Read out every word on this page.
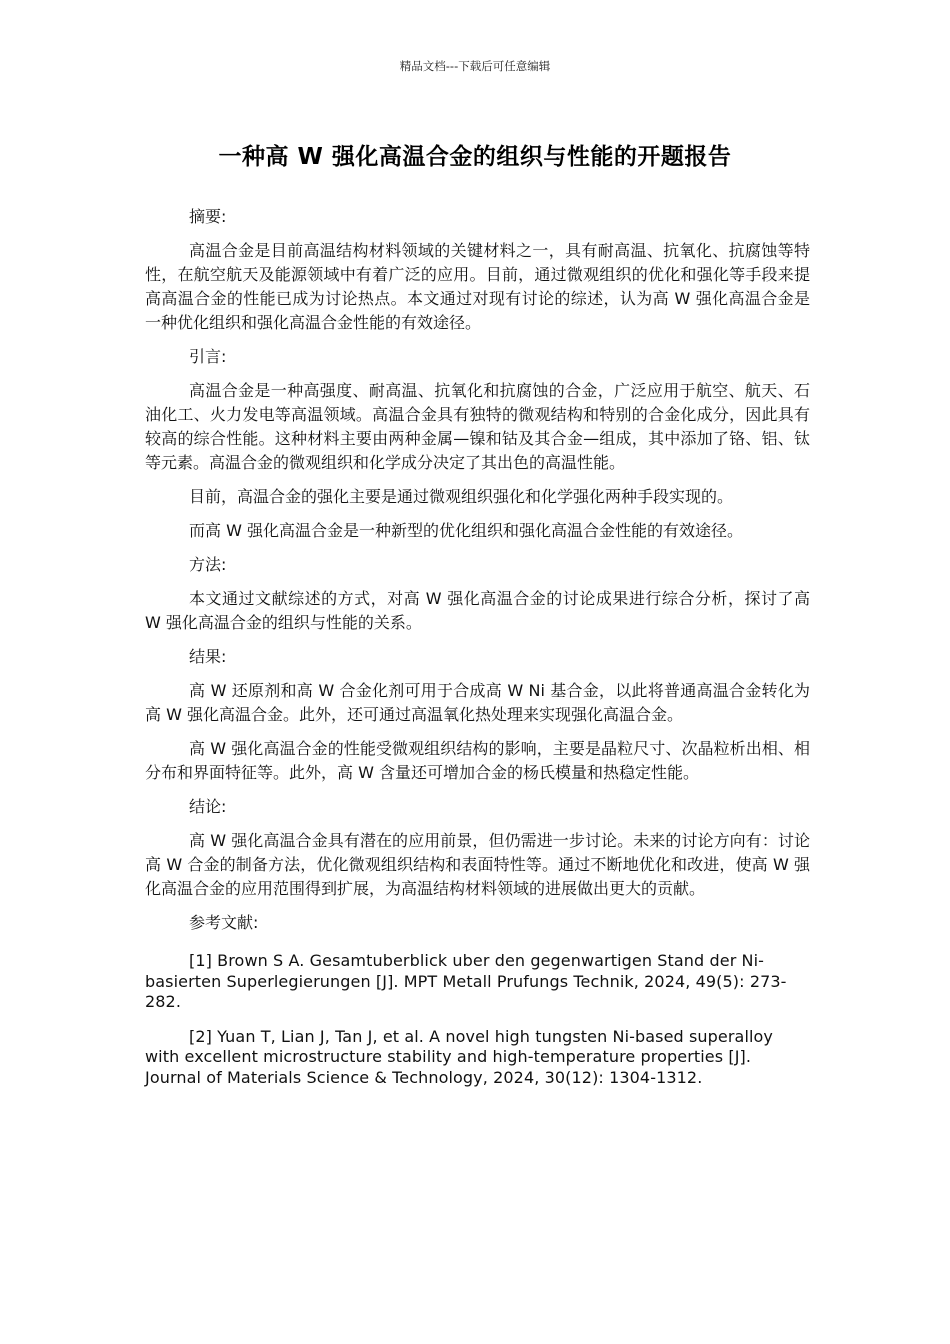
精品文档---下载后可任意编辑
一种高 W 强化高温合金的组织与性能的开题报告

摘要:

高温合金是目前高温结构材料领域的关键材料之一，具有耐高温、抗氧化、抗腐蚀等特性，在航空航天及能源领域中有着广泛的应用。目前，通过微观组织的优化和强化等手段来提高高温合金的性能已成为讨论热点。本文通过对现有讨论的综述，认为高 W 强化高温合金是一种优化组织和强化高温合金性能的有效途径。

引言:

高温合金是一种高强度、耐高温、抗氧化和抗腐蚀的合金，广泛应用于航空、航天、石油化工、火力发电等高温领域。高温合金具有独特的微观结构和特别的合金化成分，因此具有较高的综合性能。这种材料主要由两种金属—镍和钴及其合金—组成，其中添加了铬、铝、钛等元素。高温合金的微观组织和化学成分决定了其出色的高温性能。

目前，高温合金的强化主要是通过微观组织强化和化学强化两种手段实现的。

而高 W 强化高温合金是一种新型的优化组织和强化高温合金性能的有效途径。

方法:

本文通过文献综述的方式，对高 W 强化高温合金的讨论成果进行综合分析，探讨了高 W 强化高温合金的组织与性能的关系。

结果:

高 W 还原剂和高 W 合金化剂可用于合成高 W Ni 基合金，以此将普通高温合金转化为高 W 强化高温合金。此外，还可通过高温氧化热处理来实现强化高温合金。

高 W 强化高温合金的性能受微观组织结构的影响，主要是晶粒尺寸、次晶粒析出相、相分布和界面特征等。此外，高 W 含量还可增加合金的杨氏模量和热稳定性能。

结论:

高 W 强化高温合金具有潜在的应用前景，但仍需进一步讨论。未来的讨论方向有：讨论高 W 合金的制备方法，优化微观组织结构和表面特性等。通过不断地优化和改进，使高 W 强化高温合金的应用范围得到扩展，为高温结构材料领域的进展做出更大的贡献。

参考文献:

[1] Brown S A. Gesamtuberblick uber den gegenwartigen Stand der Ni-basierten Superlegierungen [J]. MPT Metall Prufungs Technik, 2024, 49(5): 273-282.

[2] Yuan T, Lian J, Tan J, et al. A novel high tungsten Ni-based superalloy with excellent microstructure stability and high-temperature properties [J]. Journal of Materials Science & Technology, 2024, 30(12): 1304-1312.
